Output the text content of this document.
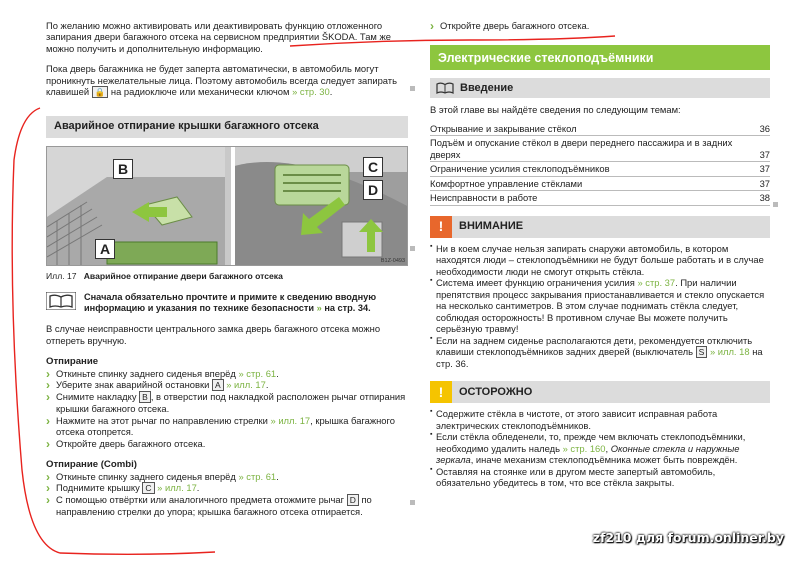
По желанию можно активировать или деактивировать функцию отложенного запирания двери багажного отсека на сервисном предприятии ŠKODA. Там же можно получить и дополнительную информацию.

Пока дверь багажника не будет заперта автоматически, в автомобиль могут проникнуть нежелательные лица. Поэтому автомобиль всегда следует запирать клавишей 🔒 на радиоключе или механически ключом » стр. 30.

Аварийное отпирание крышки багажного отсека
A
B	C
D
B1Z-0493

Илл. 17 Аварийное отпирание двери багажного отсека

Сначала обязательно прочтите и примите к сведению вводную информацию и указания по технике безопасности » на стр. 34.

В случае неисправности центрального замка дверь багажного отсека можно отпереть вручную.

Отпирание
› Откиньте спинку заднего сиденья вперёд » стр. 61.
› Уберите знак аварийной остановки A » илл. 17.
› Снимите накладку B , в отверстии под накладкой расположен рычаг отпирания крышки багажного отсека.
› Нажмите на этот рычаг по направлению стрелки » илл. 17, крышка багажного отсека отопрется.
› Откройте дверь багажного отсека.
Отпирание (Combi)
› Откиньте спинку заднего сиденья вперёд » стр. 61.
› Поднимите крышку C » илл. 17.
› С помощью отвёртки или аналогичного предмета отожмите рычаг D по направлению стрелки до упора; крышка багажного отсека отпирается.
› Откройте дверь багажного отсека.
Электрические стеклоподъёмники
Введение

В этой главе вы найдёте сведения по следующим темам:

Открывание и закрывание стёкол	36
Подъём и опускание стёкол в двери переднего пассажира и в задних дверях	37
Ограничение усилия стеклоподъёмников	37
Комфортное управление стёклами	37
Неисправности в работе	38
!	ВНИМАНИЕ

▪ Ни в коем случае нельзя запирать снаружи автомобиль, в котором находятся люди – стеклоподъёмники не будут больше работать и в случае необходимости люди не смогут открыть стёкла.

▪ Система имеет функцию ограничения усилия » стр. 37. При наличии препятствия процесс закрывания приостанавливается и стекло опускается на несколько сантиметров. В этом случае поднимать стёкла следует, соблюдая осторожность! В противном случае Вы можете получить серьёзную травму!

▪ Если на заднем сиденье располагаются дети, рекомендуется отключить клавиши стеклоподъёмников задних дверей (выключатель S » илл. 18 на стр. 36.

!	ОСТОРОЖНО

▪ Содержите стёкла в чистоте, от этого зависит исправная работа электрических стеклоподъёмников.

▪ Если стёкла обледенели, то, прежде чем включать стеклоподъёмники, необходимо удалить наледь » стр. 160, Оконные стекла и наружные зеркала, иначе механизм стеклоподъёмника может быть повреждён.

▪ Оставляя на стоянке или в другом месте запертый автомобиль, обязательно убедитесь в том, что все стёкла закрыты.

zf210 для forum.onliner.by
